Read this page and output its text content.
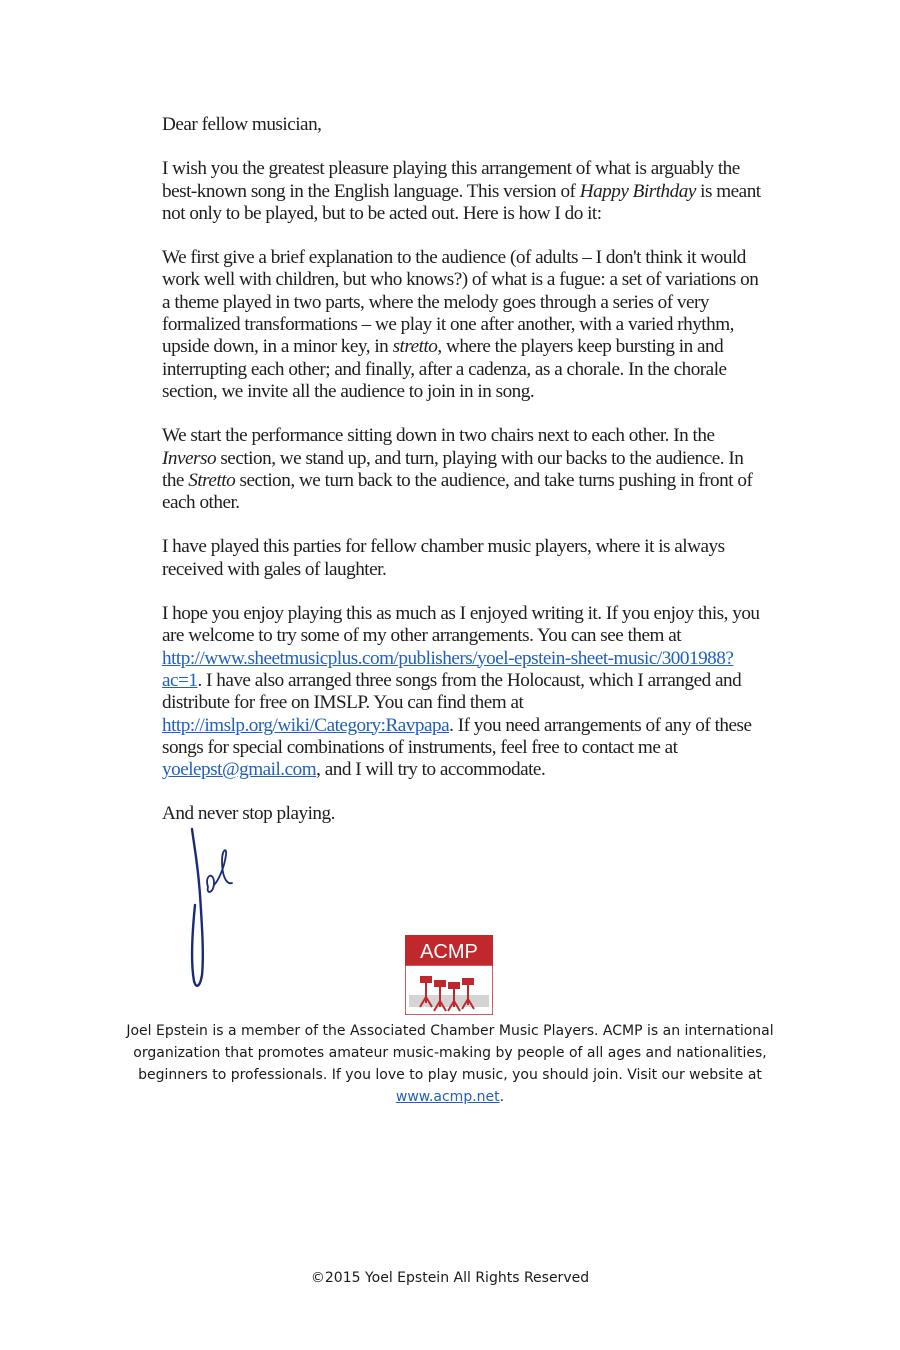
Dear fellow musician,

I wish you the greatest pleasure playing this arrangement of what is arguably the best-known song in the English language. This version of Happy Birthday is meant not only to be played, but to be acted out. Here is how I do it:

We first give a brief explanation to the audience (of adults – I don't think it would work well with children, but who knows?) of what is a fugue: a set of variations on a theme played in two parts, where the melody goes through a series of very formalized transformations – we play it one after another, with a varied rhythm, upside down, in a minor key, in stretto, where the players keep bursting in and interrupting each other; and finally, after a cadenza, as a chorale. In the chorale section, we invite all the audience to join in in song.

We start the performance sitting down in two chairs next to each other. In the Inverso section, we stand up, and turn, playing with our backs to the audience. In the Stretto section, we turn back to the audience, and take turns pushing in front of each other.

I have played this parties for fellow chamber music players, where it is always received with gales of laughter.

I hope you enjoy playing this as much as I enjoyed writing it. If you enjoy this, you are welcome to try some of my other arrangements. You can see them at http://www.sheetmusicplus.com/publishers/yoel-epstein-sheet-music/3001988?ac=1. I have also arranged three songs from the Holocaust, which I arranged and distribute for free on IMSLP. You can find them at http://imslp.org/wiki/Category:Ravpapa. If you need arrangements of any of these songs for special combinations of instruments, feel free to contact me at yoelepst@gmail.com, and I will try to accommodate.

And never stop playing.

ACMP
Joel Epstein is a member of the Associated Chamber Music Players. ACMP is an international organization that promotes amateur music-making by people of all ages and nationalities, beginners to professionals. If you love to play music, you should join. Visit our website at www.acmp.net.
©2015 Yoel Epstein All Rights Reserved
